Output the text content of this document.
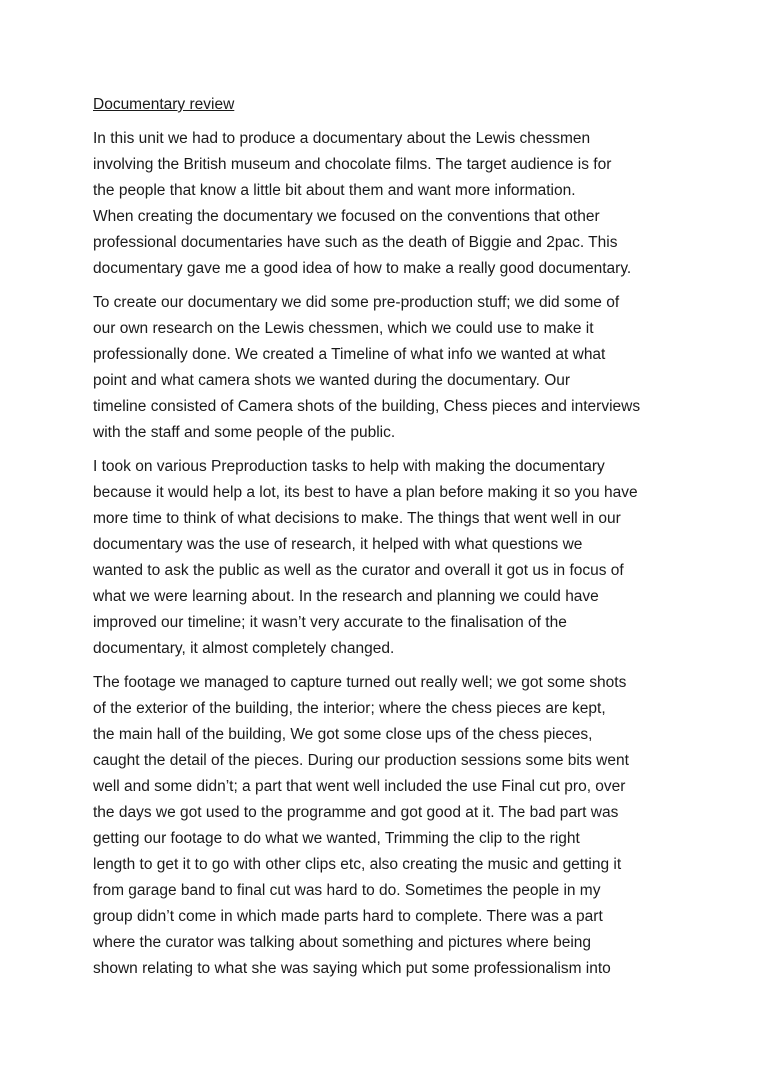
Documentary review
In this unit we had to produce a documentary about the Lewis chessmen
involving the British museum and chocolate films. The target audience is for
the people that know a little bit about them and want more information.
When creating the documentary we focused on the conventions that other
professional documentaries have such as the death of Biggie and 2pac. This
documentary gave me a good idea of how to make a really good documentary.
To create our documentary we did some pre-production stuff; we did some of
our own research on the Lewis chessmen, which we could use to make it
professionally done. We created a Timeline of what info we wanted at what
point and what camera shots we wanted during the documentary. Our
timeline consisted of Camera shots of the building, Chess pieces and interviews
with the staff and some people of the public.
I took on various Preproduction tasks to help with making the documentary
because it would help a lot, its best to have a plan before making it so you have
more time to think of what decisions to make. The things that went well in our
documentary was the use of research, it helped with what questions we
wanted to ask the public as well as the curator and overall it got us in focus of
what we were learning about. In the research and planning we could have
improved our timeline; it wasn’t very accurate to the finalisation of the
documentary, it almost completely changed.
The footage we managed to capture turned out really well; we got some shots
of the exterior of the building, the interior; where the chess pieces are kept,
the main hall of the building, We got some close ups of the chess pieces,
caught the detail of the pieces. During our production sessions some bits went
well and some didn’t; a part that went well included the use Final cut pro, over
the days we got used to the programme and got good at it. The bad part was
getting our footage to do what we wanted, Trimming the clip to the right
length to get it to go with other clips etc, also creating the music and getting it
from garage band to final cut was hard to do. Sometimes the people in my
group didn’t come in which made parts hard to complete. There was a part
where the curator was talking about something and pictures where being
shown relating to what she was saying which put some professionalism into
